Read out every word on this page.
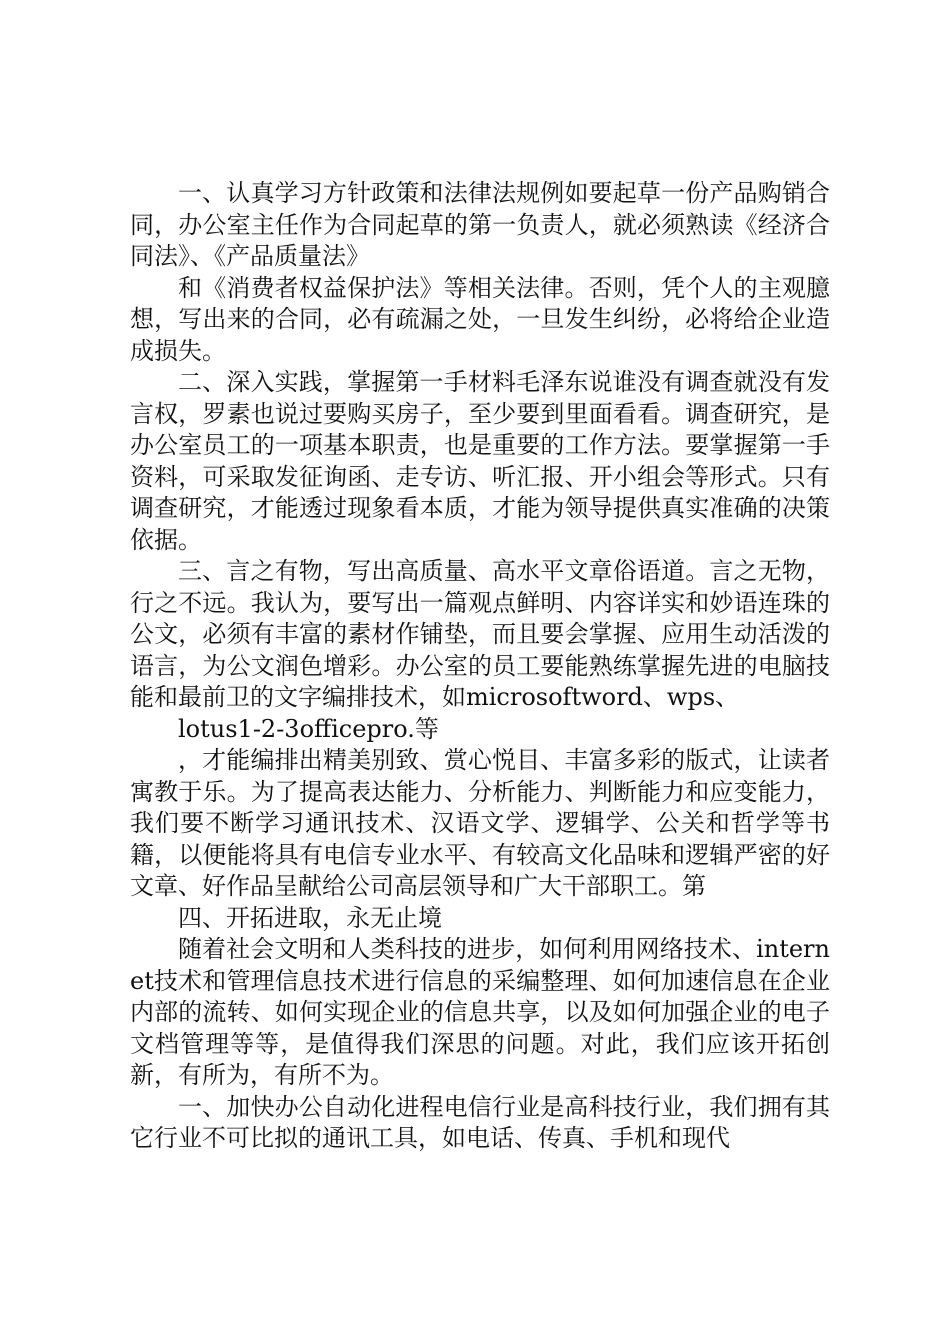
一、认真学习方针政策和法律法规例如要起草一份产品购销合同，办公室主任作为合同起草的第一负责人，就必须熟读《经济合同法》、《产品质量法》

和《消费者权益保护法》等相关法律。否则，凭个人的主观臆想，写出来的合同，必有疏漏之处，一旦发生纠纷，必将给企业造成损失。

二、深入实践，掌握第一手材料毛泽东说谁没有调查就没有发言权，罗素也说过要购买房子，至少要到里面看看。调查研究，是办公室员工的一项基本职责，也是重要的工作方法。要掌握第一手资料，可采取发征询函、走专访、听汇报、开小组会等形式。只有调查研究，才能透过现象看本质，才能为领导提供真实准确的决策依据。

三、言之有物，写出高质量、高水平文章俗语道。言之无物，行之不远。我认为，要写出一篇观点鲜明、内容详实和妙语连珠的公文，必须有丰富的素材作铺垫，而且要会掌握、应用生动活泼的语言，为公文润色增彩。办公室的员工要能熟练掌握先进的电脑技能和最前卫的文字编排技术，如microsoftword、wps、

lotus1-2-3officepro.等

，才能编排出精美别致、赏心悦目、丰富多彩的版式，让读者寓教于乐。为了提高表达能力、分析能力、判断能力和应变能力，我们要不断学习通讯技术、汉语文学、逻辑学、公关和哲学等书籍，以便能将具有电信专业水平、有较高文化品味和逻辑严密的好文章、好作品呈献给公司高层领导和广大干部职工。第

四、开拓进取，永无止境

随着社会文明和人类科技的进步，如何利用网络技术、internet技术和管理信息技术进行信息的采编整理、如何加速信息在企业内部的流转、如何实现企业的信息共享，以及如何加强企业的电子文档管理等等，是值得我们深思的问题。对此，我们应该开拓创新，有所为，有所不为。

一、加快办公自动化进程电信行业是高科技行业，我们拥有其它行业不可比拟的通讯工具，如电话、传真、手机和现代
